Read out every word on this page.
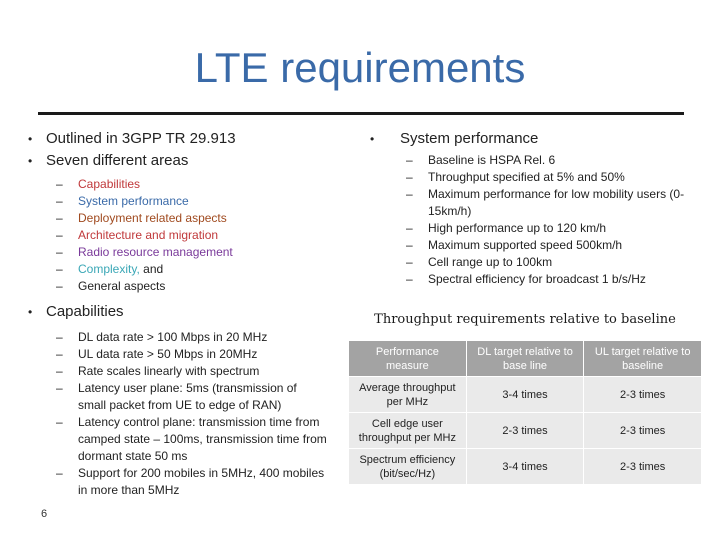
LTE requirements
• Outlined in 3GPP TR 29.913
• Seven different areas
–	Capabilities
–	System performance
–	Deployment related aspects
–	Architecture and migration
–	Radio resource management
–	Complexity, and
–	General aspects
• Capabilities
–	DL data rate > 100 Mbps in 20 MHz
–	UL data rate > 50 Mbps in 20MHz
–	Rate scales linearly with spectrum
–	Latency user plane: 5ms (transmission of small packet from UE to edge of RAN)
–	Latency control plane: transmission time from camped state – 100ms, transmission time from dormant state 50 ms
–	Support for 200 mobiles in 5MHz, 400 mobiles in more than 5MHz
•	System performance
–	Baseline is HSPA Rel. 6
–	Throughput specified at 5% and 50%
–	Maximum performance for low mobility users (0-15km/h)
–	High performance up to 120 km/h
–	Maximum supported speed 500km/h
–	Cell range up to 100km
–	Spectral efficiency for broadcast 1 b/s/Hz
Throughput requirements relative to baseline
Performance measure	DL target relative to base line	UL target relative to baseline
Average throughput per MHz	3-4 times	2-3 times
Cell edge user throughput per MHz	2-3 times	2-3 times
Spectrum efficiency (bit/sec/Hz)	3-4 times	2-3 times
6
